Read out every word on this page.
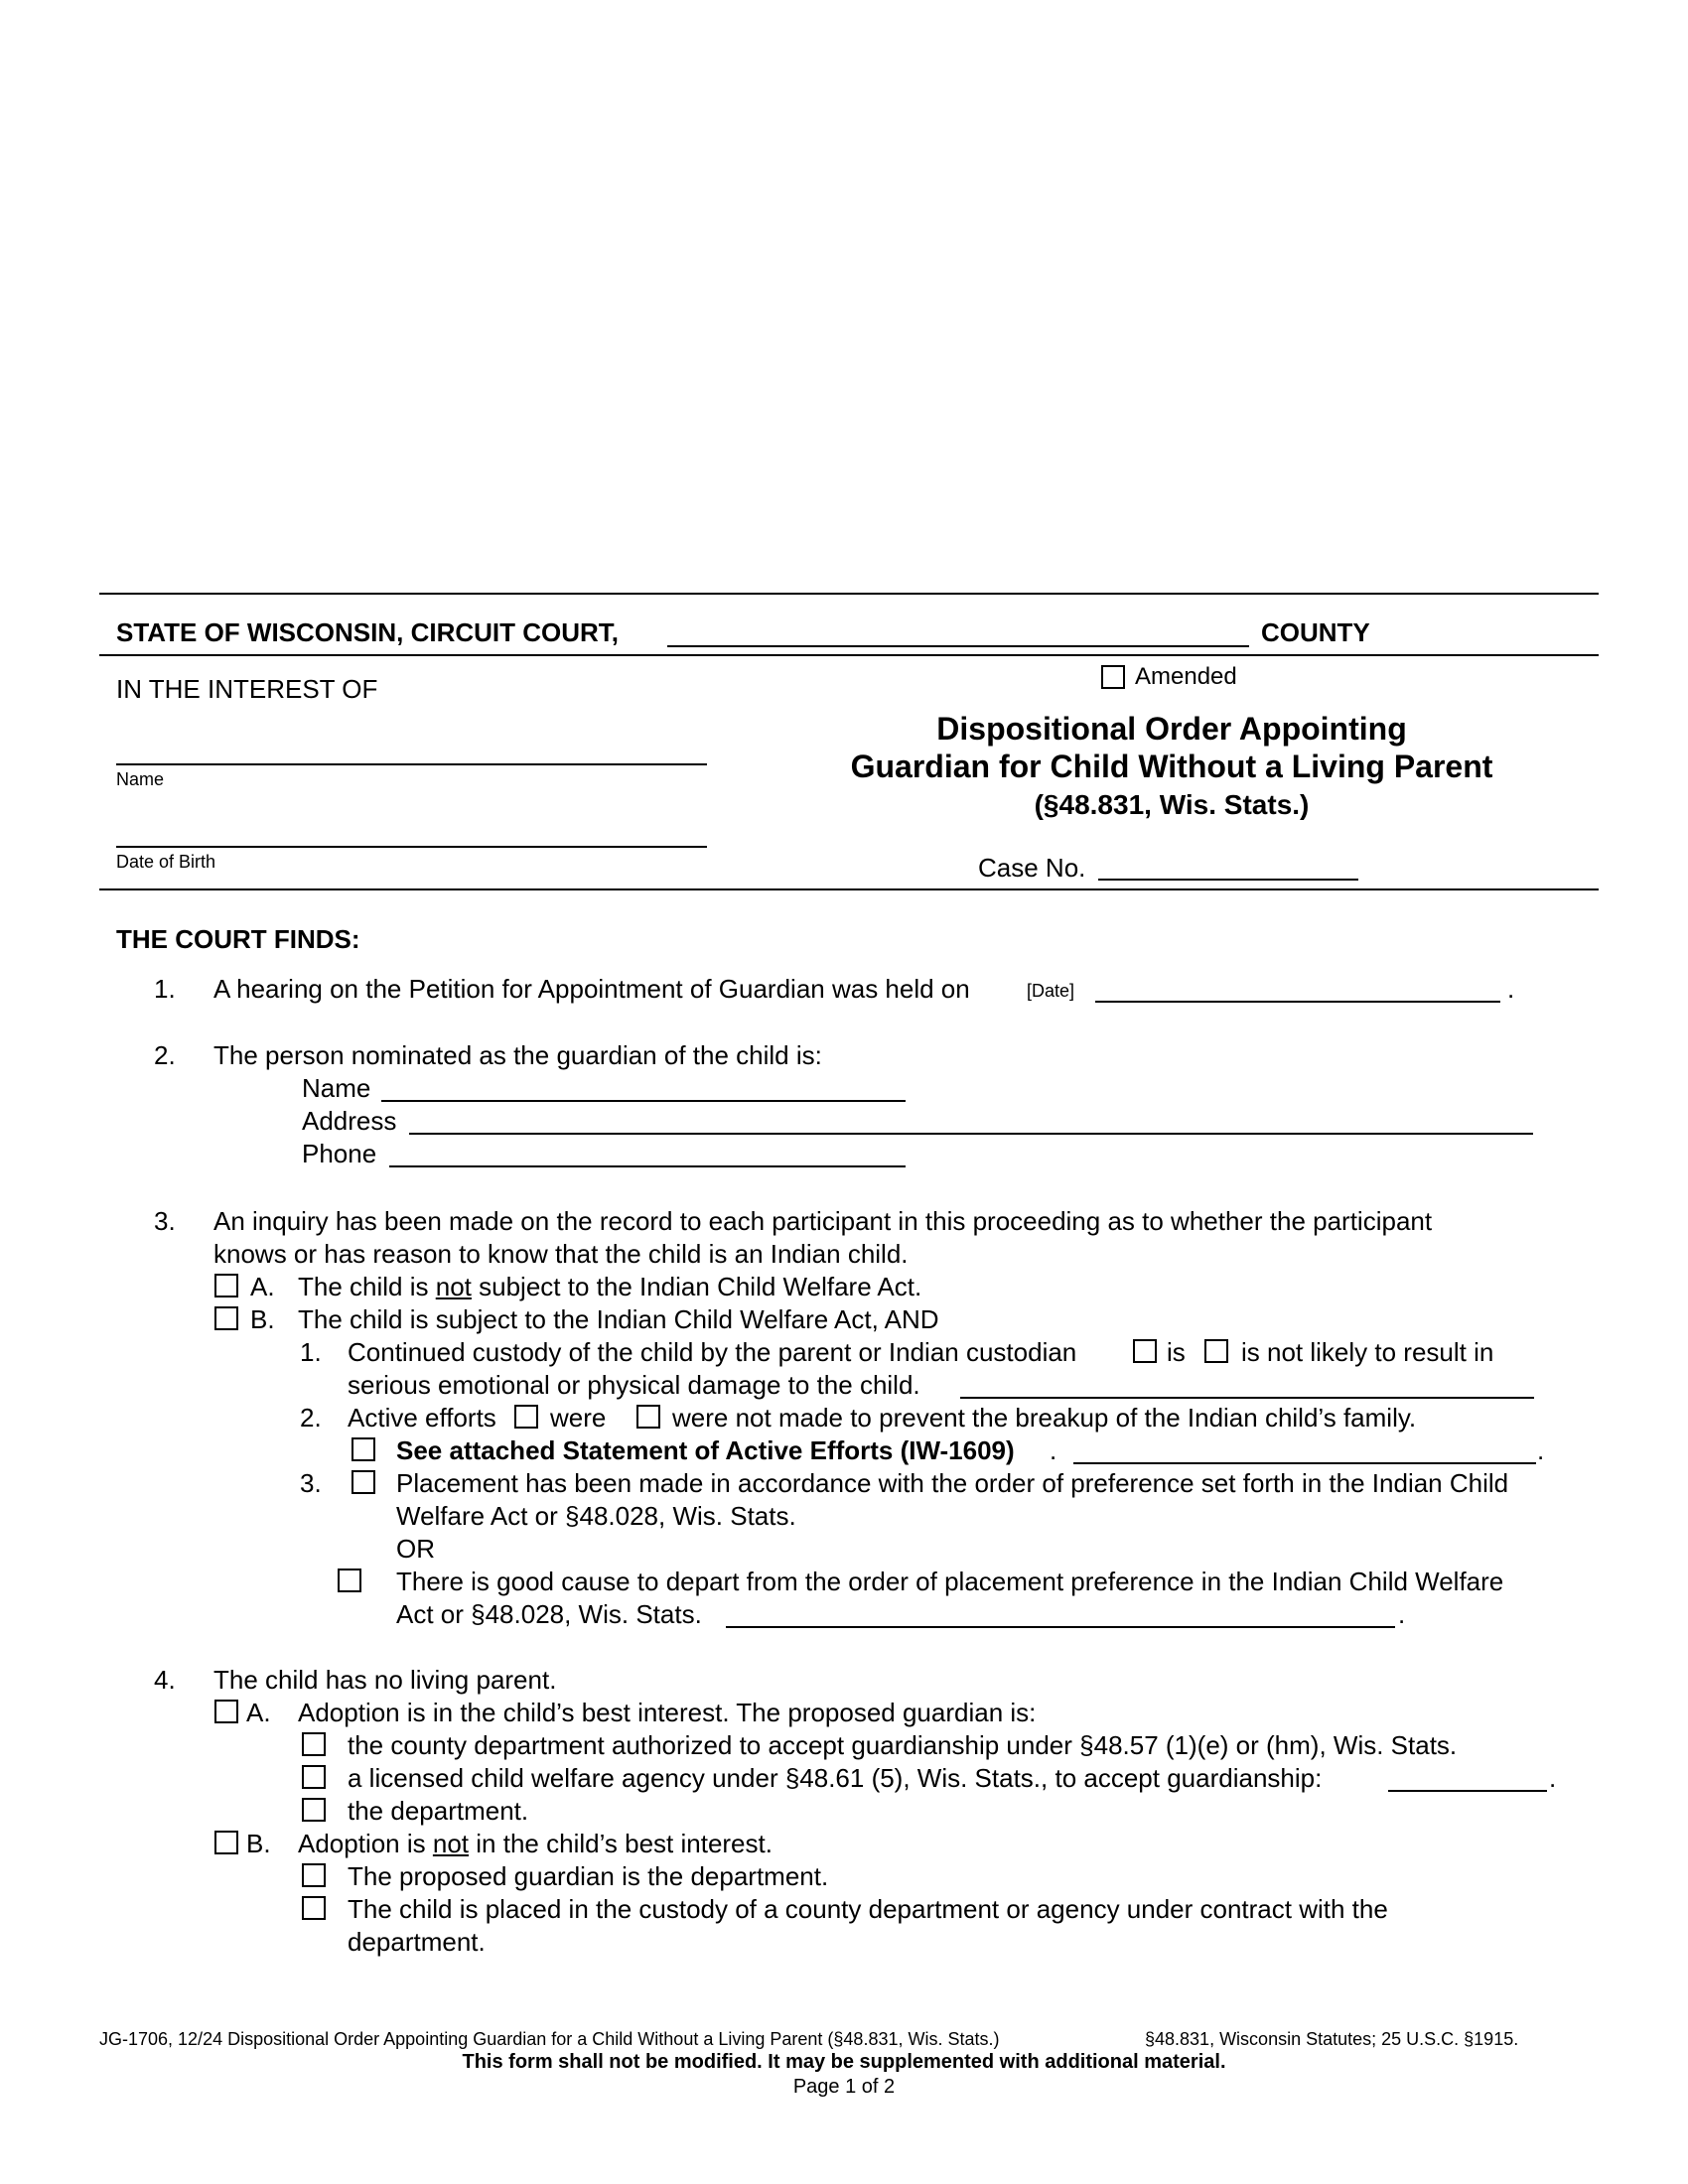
STATE OF WISCONSIN, CIRCUIT COURT,	COUNTY
IN THE INTEREST OF	Amended
Name
Date of Birth
Dispositional Order Appointing
Guardian for Child Without a Living Parent
(§48.831, Wis. Stats.)
Case No.
THE COURT FINDS:
1. A hearing on the Petition for Appointment of Guardian was held on	[Date]	.
2. The person nominated as the guardian of the child is:
Name
Address
Phone
3. An inquiry has been made on the record to each participant in this proceeding as to whether the participant
knows or has reason to know that the child is an Indian child.
A. The child is not subject to the Indian Child Welfare Act.
B. The child is subject to the Indian Child Welfare Act, AND
1. Continued custody of the child by the parent or Indian custodian	is is not likely to result in
serious emotional or physical damage to the child.
2. Active efforts were	were not made to prevent the breakup of the Indian child’s family.
See attached Statement of Active Efforts (IW-1609) .	.
3.	Placement has been made in accordance with the order of preference set forth in the Indian Child
Welfare Act or §48.028, Wis. Stats.
OR
There is good cause to depart from the order of placement preference in the Indian Child Welfare
Act or §48.028, Wis. Stats.	.
4. The child has no living parent.
A. Adoption is in the child’s best interest. The proposed guardian is:
the county department authorized to accept guardianship under §48.57 (1)(e) or (hm), Wis. Stats.
a licensed child welfare agency under §48.61 (5), Wis. Stats., to accept guardianship:	.
the department.
B. Adoption is not in the child’s best interest.
The proposed guardian is the department.
The child is placed in the custody of a county department or agency under contract with the
department.
JG-1706, 12/24 Dispositional Order Appointing Guardian for a Child Without a Living Parent (§48.831, Wis. Stats.)	§48.831, Wisconsin Statutes; 25 U.S.C. §1915.
This form shall not be modified. It may be supplemented with additional material.
Page 1 of 2
